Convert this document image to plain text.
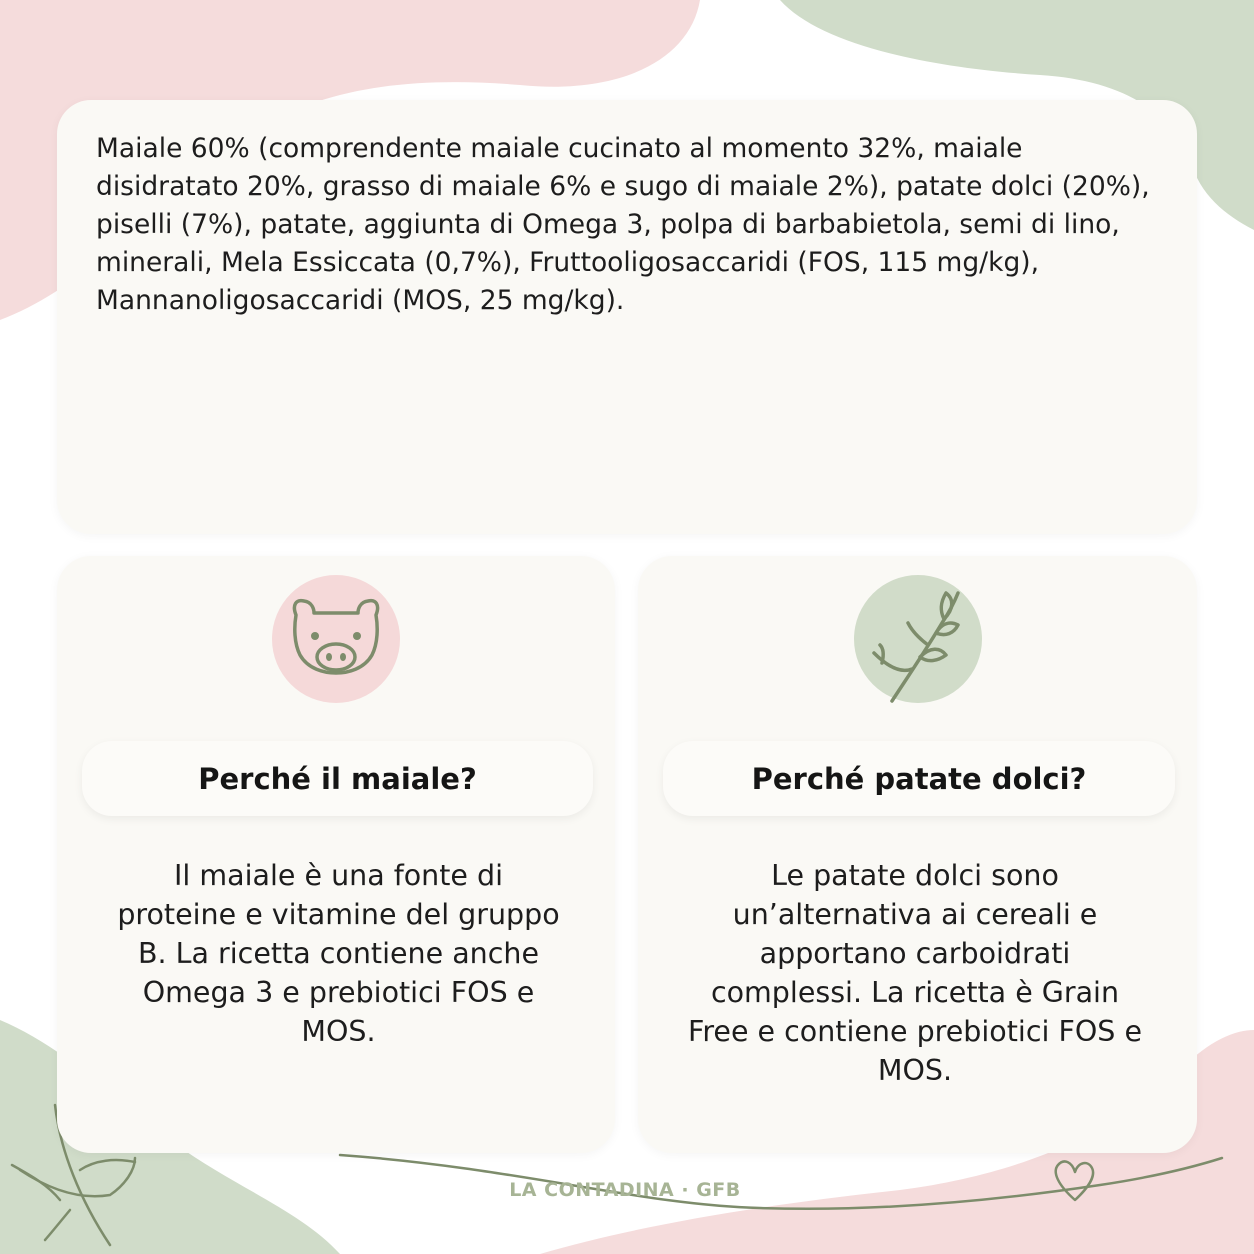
Maiale 60% (comprendente maiale cucinato al momento 32%, maiale disidratato 20%, grasso di maiale 6% e sugo di maiale 2%), patate dolci (20%), piselli (7%), patate, aggiunta di Omega 3, polpa di barbabietola, semi di lino, minerali, Mela Essiccata (0,7%), Fruttooligosaccaridi (FOS, 115 mg/kg), Mannanoligosaccaridi (MOS, 25 mg/kg).

Perché il maiale?

Il maiale è una fonte di proteine e vitamine del gruppo B. La ricetta contiene anche Omega 3 e prebiotici FOS e MOS.

Perché patate dolci?

Le patate dolci sono un’alternativa ai cereali e apportano carboidrati complessi. La ricetta è Grain Free e contiene prebiotici FOS e MOS.

LA CONTADINA · GFB
